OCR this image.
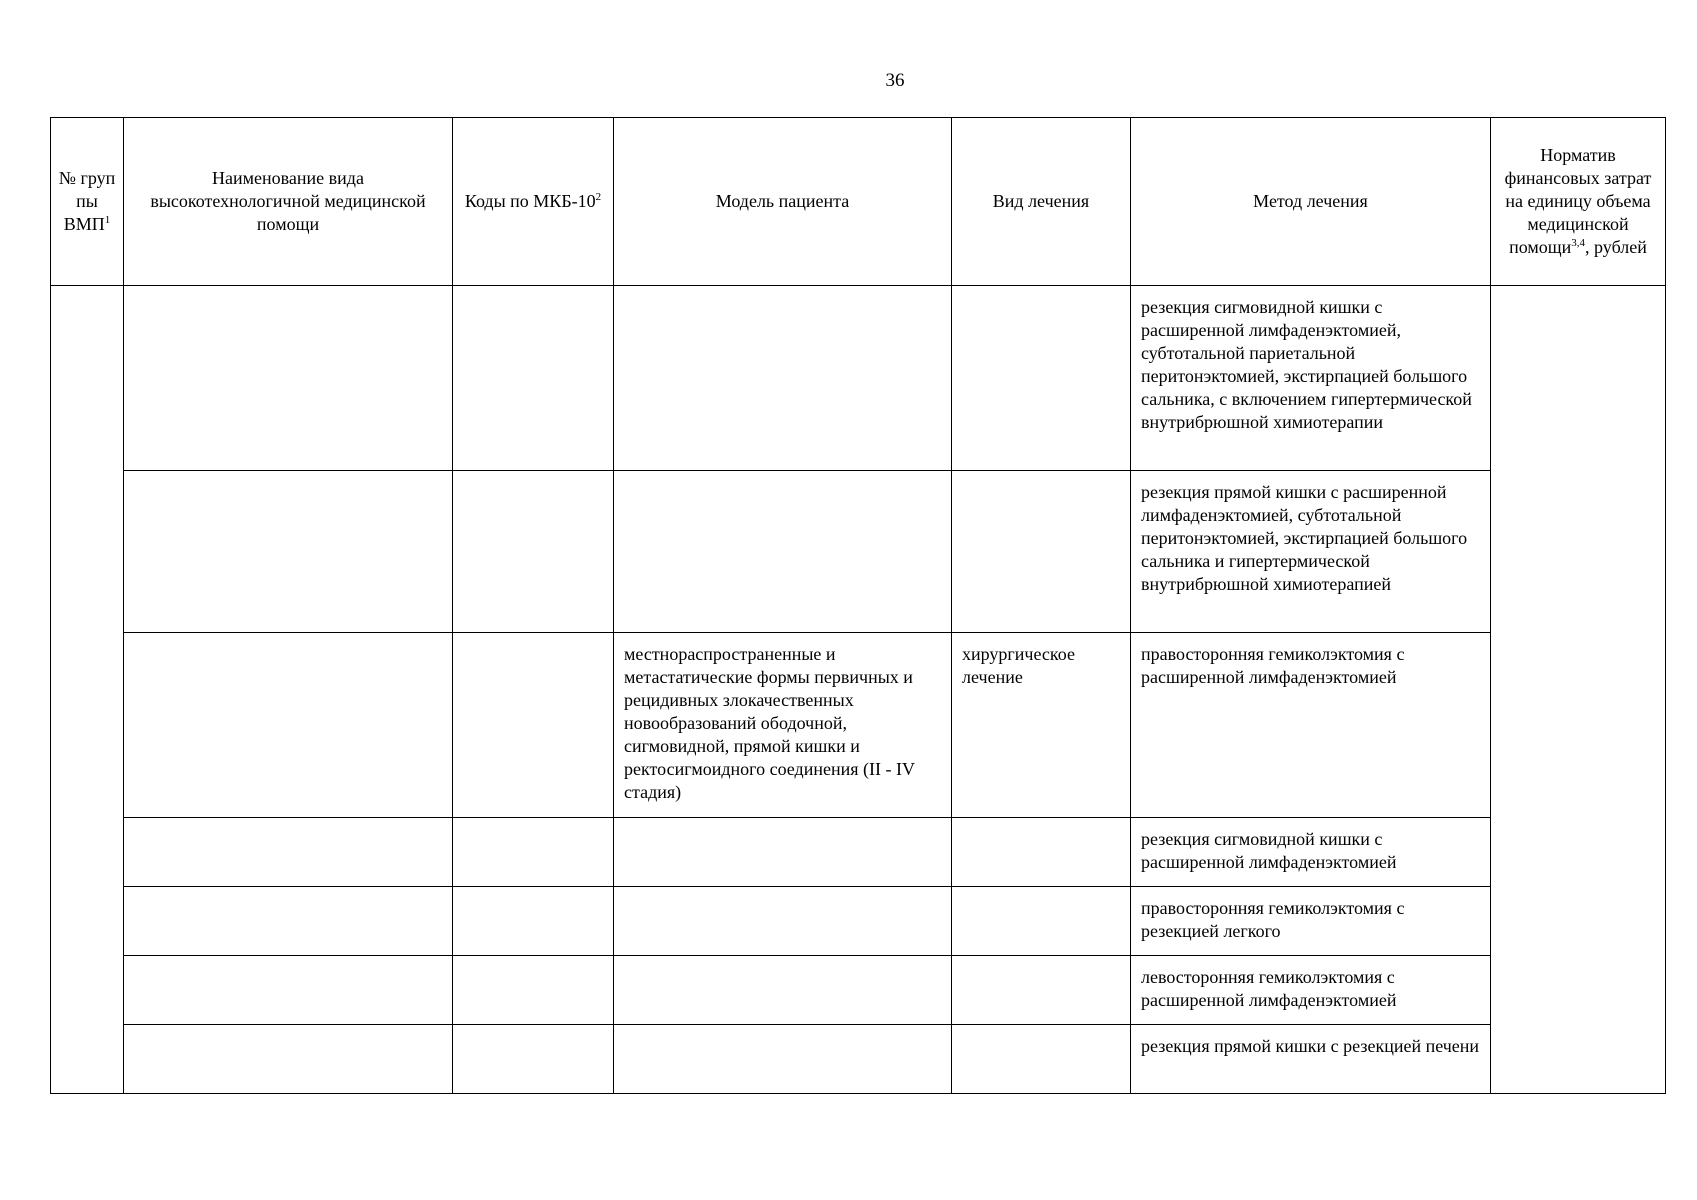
36
№ груп пы ВМП$^1$	Наименование вида высокотехнологичной медицинской помощи	Коды по МКБ-$10^2$	Модель пациента	Вид лечения	Метод лечения	Норматив финансовых затрат на единицу объема медицинской помощи$^{3,4}$, рублей
					резекция сигмовидной кишки с расширенной лимфаденэктомией, субтотальной париетальной перитонэктомией, экстирпацией большого сальника, с включением гипертермической внутрибрюшной химиотерапии	
					резекция прямой кишки с расширенной лимфаденэктомией, субтотальной перитонэктомией, экстирпацией большого сальника и гипертермической внутрибрюшной химиотерапией	
			местнораспространенные и метастатические формы первичных и рецидивных злокачественных новообразований ободочной, сигмовидной, прямой кишки и ректосигмоидного соединения (II - IV стадия)	хирургическое лечение	правосторонняя гемиколэктомия с расширенной лимфаденэктомией	
					резекция сигмовидной кишки с расширенной лимфаденэктомией	
					правосторонняя гемиколэктомия с резекцией легкого	
					левосторонняя гемиколэктомия с расширенной лимфаденэктомией	
					резекция прямой кишки с резекцией печени	
